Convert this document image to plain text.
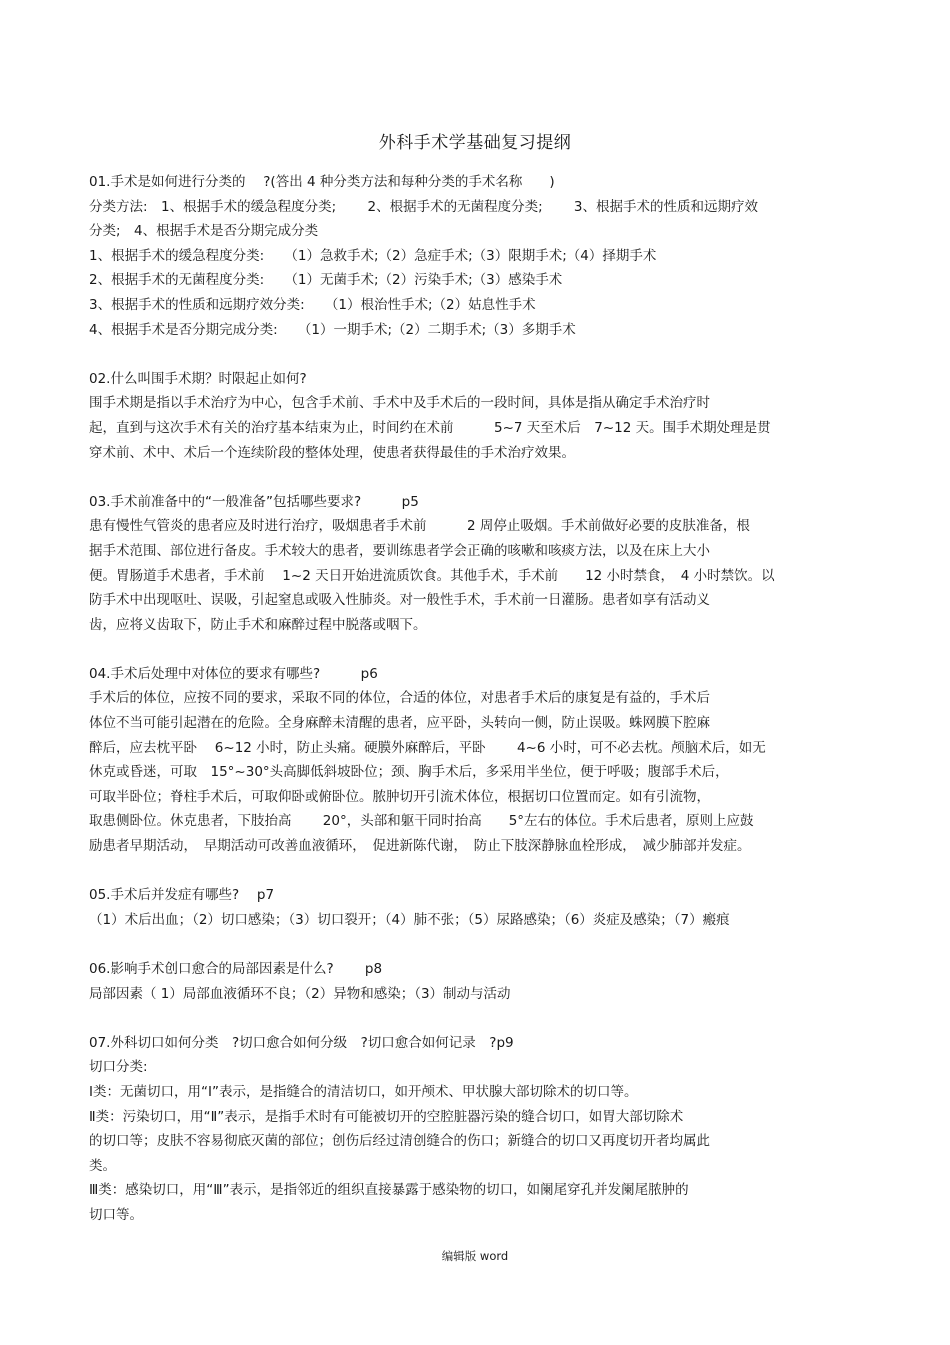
外科手术学基础复习提纲
01.手术是如何进行分类的　 ?(答出 4 种分类方法和每种分类的手术名称　　)
分类方法:　1、根据手术的缓急程度分类;　　 2、根据手术的无菌程度分类;　　 3、根据手术的性质和远期疗效
分类;　4、根据手术是否分期完成分类
1、根据手术的缓急程度分类:　　（1）急救手术;（2）急症手术;（3）限期手术;（4）择期手术
2、根据手术的无菌程度分类:　　（1）无菌手术;（2）污染手术;（3）感染手术
3、根据手术的性质和远期疗效分类:　　（1）根治性手术;（2）姑息性手术
4、根据手术是否分期完成分类:　　（1）一期手术;（2）二期手术;（3）多期手术
02.什么叫围手术期？时限起止如何?
围手术期是指以手术治疗为中心，包含手术前、手术中及手术后的一段时间，具体是指从确定手术治疗时
起，直到与这次手术有关的治疗基本结束为止，时间约在术前　　　5~7 天至术后　7~12 天。围手术期处理是贯
穿术前、术中、术后一个连续阶段的整体处理，使患者获得最佳的手术治疗效果。
03.手术前准备中的“一般准备”包括哪些要求?　　　p5
患有慢性气管炎的患者应及时进行治疗，吸烟患者手术前　　　2 周停止吸烟。手术前做好必要的皮肤准备，根
据手术范围、部位进行备皮。手术较大的患者，要训练患者学会正确的咳嗽和咳痰方法，以及在床上大小
便。胃肠道手术患者，手术前　 1~2 天日开始进流质饮食。其他手术，手术前　　12 小时禁食，　4 小时禁饮。以
防手术中出现呕吐、误吸，引起窒息或吸入性肺炎。对一般性手术，手术前一日灌肠。患者如享有活动义
齿，应将义齿取下，防止手术和麻醉过程中脱落或咽下。
04.手术后处理中对体位的要求有哪些?　　　p6
手术后的体位，应按不同的要求，采取不同的体位，合适的体位，对患者手术后的康复是有益的，手术后
体位不当可能引起潜在的危险。全身麻醉未清醒的患者，应平卧，头转向一侧，防止误吸。蛛网膜下腔麻
醉后，应去枕平卧　 6~12 小时，防止头痛。硬膜外麻醉后，平卧　　 4~6 小时，可不必去枕。颅脑术后，如无
休克或昏迷，可取　15°~30°头高脚低斜坡卧位；颈、胸手术后，多采用半坐位，便于呼吸；腹部手术后，
可取半卧位；脊柱手术后，可取仰卧或俯卧位。脓肿切开引流术体位，根据切口位置而定。如有引流物，
取患侧卧位。休克患者，下肢抬高　　 20°，头部和躯干同时抬高　　5°左右的体位。手术后患者，原则上应鼓
励患者早期活动，　早期活动可改善血液循环，　促进新陈代谢，　防止下肢深静脉血栓形成，　减少肺部并发症。
05.手术后并发症有哪些?　 p7
（1）术后出血；（2）切口感染；（3）切口裂开；（4）肺不张；（5）尿路感染；（6）炎症及感染；（7）瘢痕
06.影响手术创口愈合的局部因素是什么?　　 p8
局部因素（ 1）局部血液循环不良；（2）异物和感染；（3）制动与活动
07.外科切口如何分类　?切口愈合如何分级　?切口愈合如何记录　?p9
切口分类:
Ⅰ类：无菌切口，用“Ⅰ”表示，是指缝合的清洁切口，如开颅术、甲状腺大部切除术的切口等。
Ⅱ类：污染切口，用“Ⅱ”表示，是指手术时有可能被切开的空腔脏器污染的缝合切口，如胃大部切除术
的切口等；皮肤不容易彻底灭菌的部位；创伤后经过清创缝合的伤口；新缝合的切口又再度切开者均属此
类。
Ⅲ类：感染切口，用“Ⅲ”表示，是指邻近的组织直接暴露于感染物的切口，如阑尾穿孔并发阑尾脓肿的
切口等。
编辑版 word
